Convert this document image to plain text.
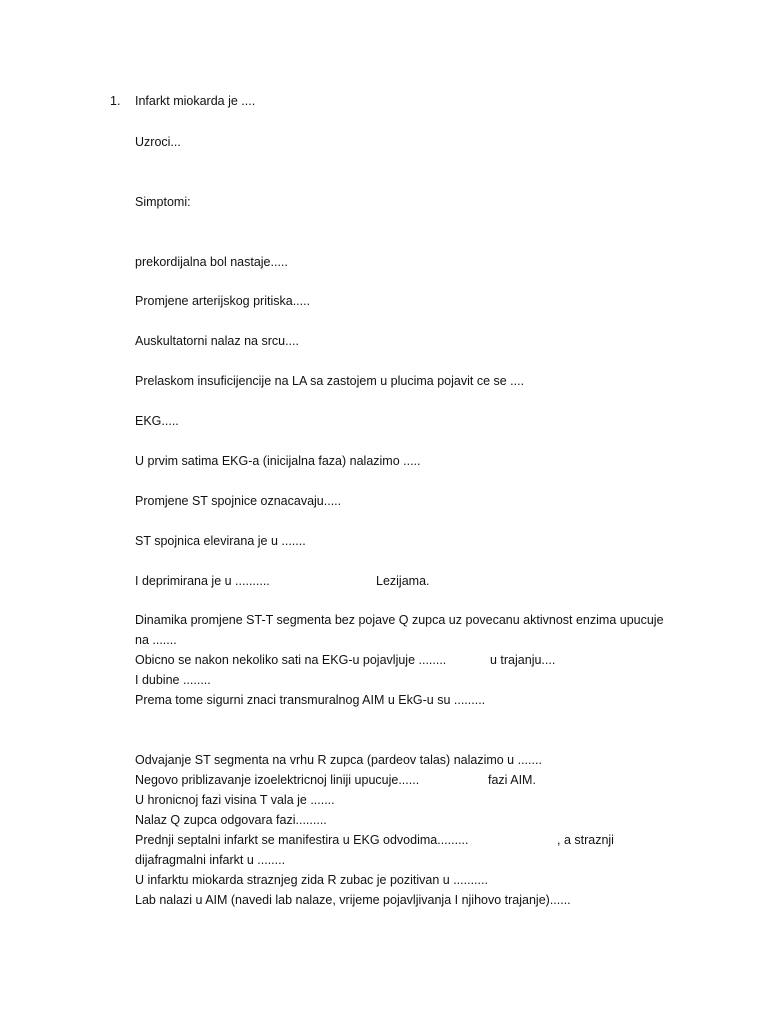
1. Infarkt miokarda je ....
Uzroci...
Simptomi:
prekordijalna bol nastaje.....
Promjene arterijskog pritiska.....
Auskultatorni nalaz na srcu....
Prelaskom insuficijencije na LA sa zastojem u plucima pojavit ce se ....
EKG.....
U prvim satima EKG-a (inicijalna faza) nalazimo .....
Promjene ST spojnice oznacavaju.....
ST spojnica elevirana je u .......
I deprimirana je u ..........	Lezijama.
Dinamika promjene ST-T segmenta bez pojave Q zupca uz povecanu aktivnost enzima upucuje
na .......
Obicno se nakon nekoliko sati na EKG-u pojavljuje ........	u trajanju....
I dubine ........
Prema tome sigurni znaci transmuralnog AIM u EkG-u su .........
Odvajanje ST segmenta na vrhu R zupca (pardeov talas) nalazimo u .......
Negovo priblizavanje izoelektricnoj liniji upucuje......	fazi AIM.
U hronicnoj fazi visina T vala je .......
Nalaz Q zupca odgovara fazi.........
Prednji septalni infarkt se manifestira u EKG odvodima.........	, a straznji
dijafragmalni infarkt u ........
U infarktu miokarda straznjeg zida R zubac je pozitivan u ..........
Lab nalazi u AIM (navedi lab nalaze, vrijeme pojavljivanja I njihovo trajanje)......
